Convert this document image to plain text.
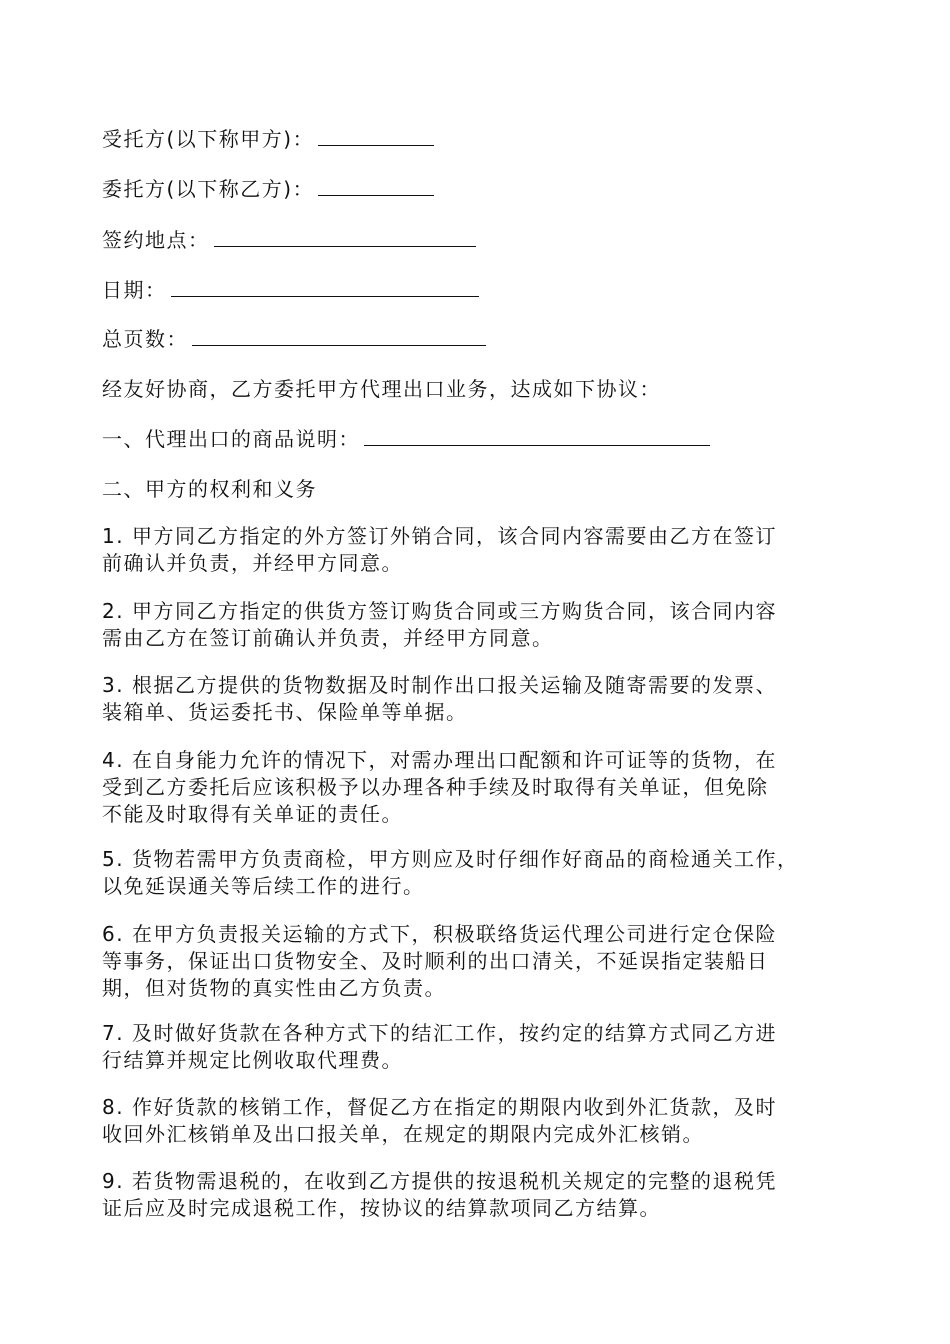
受托方(以下称甲方)：
委托方(以下称乙方)：
签约地点：
日期：
总页数：
经友好协商，乙方委托甲方代理出口业务，达成如下协议：
一、代理出口的商品说明：
二、甲方的权利和义务
1. 甲方同乙方指定的外方签订外销合同，该合同内容需要由乙方在签订
前确认并负责，并经甲方同意。
2. 甲方同乙方指定的供货方签订购货合同或三方购货合同，该合同内容
需由乙方在签订前确认并负责，并经甲方同意。
3. 根据乙方提供的货物数据及时制作出口报关运输及随寄需要的发票、
装箱单、货运委托书、保险单等单据。
4. 在自身能力允许的情况下，对需办理出口配额和许可证等的货物，在
受到乙方委托后应该积极予以办理各种手续及时取得有关单证，但免除
不能及时取得有关单证的责任。
5. 货物若需甲方负责商检，甲方则应及时仔细作好商品的商检通关工作，
以免延误通关等后续工作的进行。
6. 在甲方负责报关运输的方式下，积极联络货运代理公司进行定仓保险
等事务，保证出口货物安全、及时顺利的出口清关，不延误指定装船日
期，但对货物的真实性由乙方负责。
7. 及时做好货款在各种方式下的结汇工作，按约定的结算方式同乙方进
行结算并规定比例收取代理费。
8. 作好货款的核销工作，督促乙方在指定的期限内收到外汇货款，及时
收回外汇核销单及出口报关单，在规定的期限内完成外汇核销。
9. 若货物需退税的，在收到乙方提供的按退税机关规定的完整的退税凭
证后应及时完成退税工作，按协议的结算款项同乙方结算。
